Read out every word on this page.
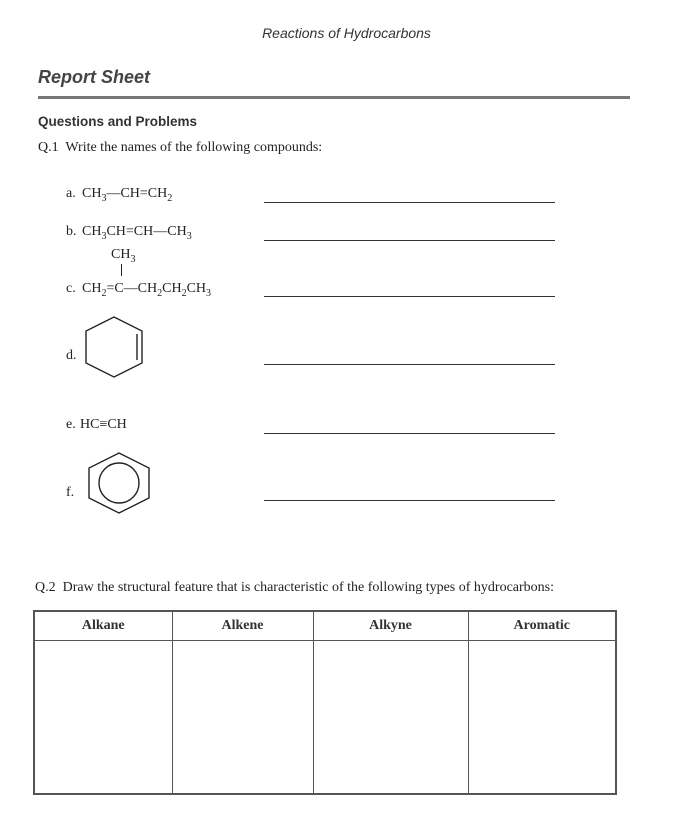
Reactions of Hydrocarbons
Report Sheet
Questions and Problems
Q.1 Write the names of the following compounds:
a. $CH_3—CH=CH_2$
b. $CH_3CH=CH—CH_3$
$CH_3$
c. $CH_2=C—CH_2CH_2CH_3$
d.
e. HC≡CH
f.
Q.2 Draw the structural feature that is characteristic of the following types of hydrocarbons:
Alkane	Alkene	Alkyne	Aromatic
